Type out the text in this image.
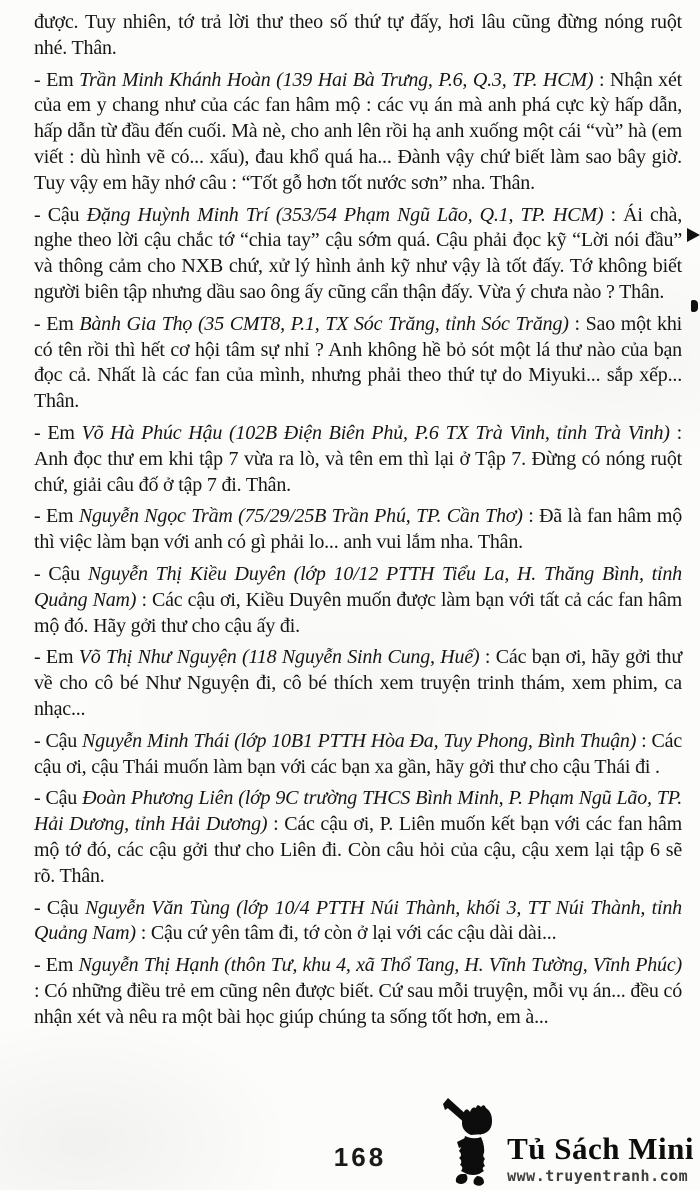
được. Tuy nhiên, tớ trả lời thư theo số thứ tự đấy, hơi lâu cũng đừng nóng ruột nhé. Thân.

- Em Trần Minh Khánh Hoàn (139 Hai Bà Trưng, P.6, Q.3, TP. HCM) : Nhận xét của em y chang như của các fan hâm mộ : các vụ án mà anh phá cực kỳ hấp dẫn, hấp dẫn từ đầu đến cuối. Mà nè, cho anh lên rồi hạ anh xuống một cái “vù” hà (em viết : dù hình vẽ có... xấu), đau khổ quá ha... Đành vậy chứ biết làm sao bây giờ. Tuy vậy em hãy nhớ câu : “Tốt gỗ hơn tốt nước sơn” nha. Thân.

- Cậu Đặng Huỳnh Minh Trí (353/54 Phạm Ngũ Lão, Q.1, TP. HCM) : Ái chà, nghe theo lời cậu chắc tớ “chia tay” cậu sớm quá. Cậu phải đọc kỹ “Lời nói đầu” và thông cảm cho NXB chứ, xử lý hình ảnh kỹ như vậy là tốt đấy. Tớ không biết người biên tập nhưng dầu sao ông ấy cũng cẩn thận đấy. Vừa ý chưa nào ? Thân.

- Em Bành Gia Thọ (35 CMT8, P.1, TX Sóc Trăng, tỉnh Sóc Trăng) : Sao một khi có tên rồi thì hết cơ hội tâm sự nhỉ ? Anh không hề bỏ sót một lá thư nào của bạn đọc cả. Nhất là các fan của mình, nhưng phải theo thứ tự do Miyuki... sắp xếp... Thân.

- Em Võ Hà Phúc Hậu (102B Điện Biên Phủ, P.6 TX Trà Vinh, tỉnh Trà Vinh) : Anh đọc thư em khi tập 7 vừa ra lò, và tên em thì lại ở Tập 7. Đừng có nóng ruột chứ, giải câu đố ở tập 7 đi. Thân.

- Em Nguyễn Ngọc Trầm (75/29/25B Trần Phú, TP. Cần Thơ) : Đã là fan hâm mộ thì việc làm bạn với anh có gì phải lo... anh vui lắm nha. Thân.

- Cậu Nguyễn Thị Kiều Duyên (lớp 10/12 PTTH Tiểu La, H. Thăng Bình, tỉnh Quảng Nam) : Các cậu ơi, Kiều Duyên muốn được làm bạn với tất cả các fan hâm mộ đó. Hãy gởi thư cho cậu ấy đi.

- Em Võ Thị Như Nguyện (118 Nguyễn Sinh Cung, Huế) : Các bạn ơi, hãy gởi thư về cho cô bé Như Nguyện đi, cô bé thích xem truyện trinh thám, xem phim, ca nhạc...

- Cậu Nguyễn Minh Thái (lớp 10B1 PTTH Hòa Đa, Tuy Phong, Bình Thuận) : Các cậu ơi, cậu Thái muốn làm bạn với các bạn xa gần, hãy gởi thư cho cậu Thái đi .

- Cậu Đoàn Phương Liên (lớp 9C trường THCS Bình Minh, P. Phạm Ngũ Lão, TP. Hải Dương, tỉnh Hải Dương) : Các cậu ơi, P. Liên muốn kết bạn với các fan hâm mộ tớ đó, các cậu gởi thư cho Liên đi. Còn câu hỏi của cậu, cậu xem lại tập 6 sẽ rõ. Thân.

- Cậu Nguyễn Văn Tùng (lớp 10/4 PTTH Núi Thành, khối 3, TT Núi Thành, tỉnh Quảng Nam) : Cậu cứ yên tâm đi, tớ còn ở lại với các cậu dài dài...

- Em Nguyễn Thị Hạnh (thôn Tư, khu 4, xã Thổ Tang, H. Vĩnh Tường, Vĩnh Phúc) : Có những điều trẻ em cũng nên được biết. Cứ sau mỗi truyện, mỗi vụ án... đều có nhận xét và nêu ra một bài học giúp chúng ta sống tốt hơn, em à...

168	Tủ Sách Mini
www.truyentranh.com
